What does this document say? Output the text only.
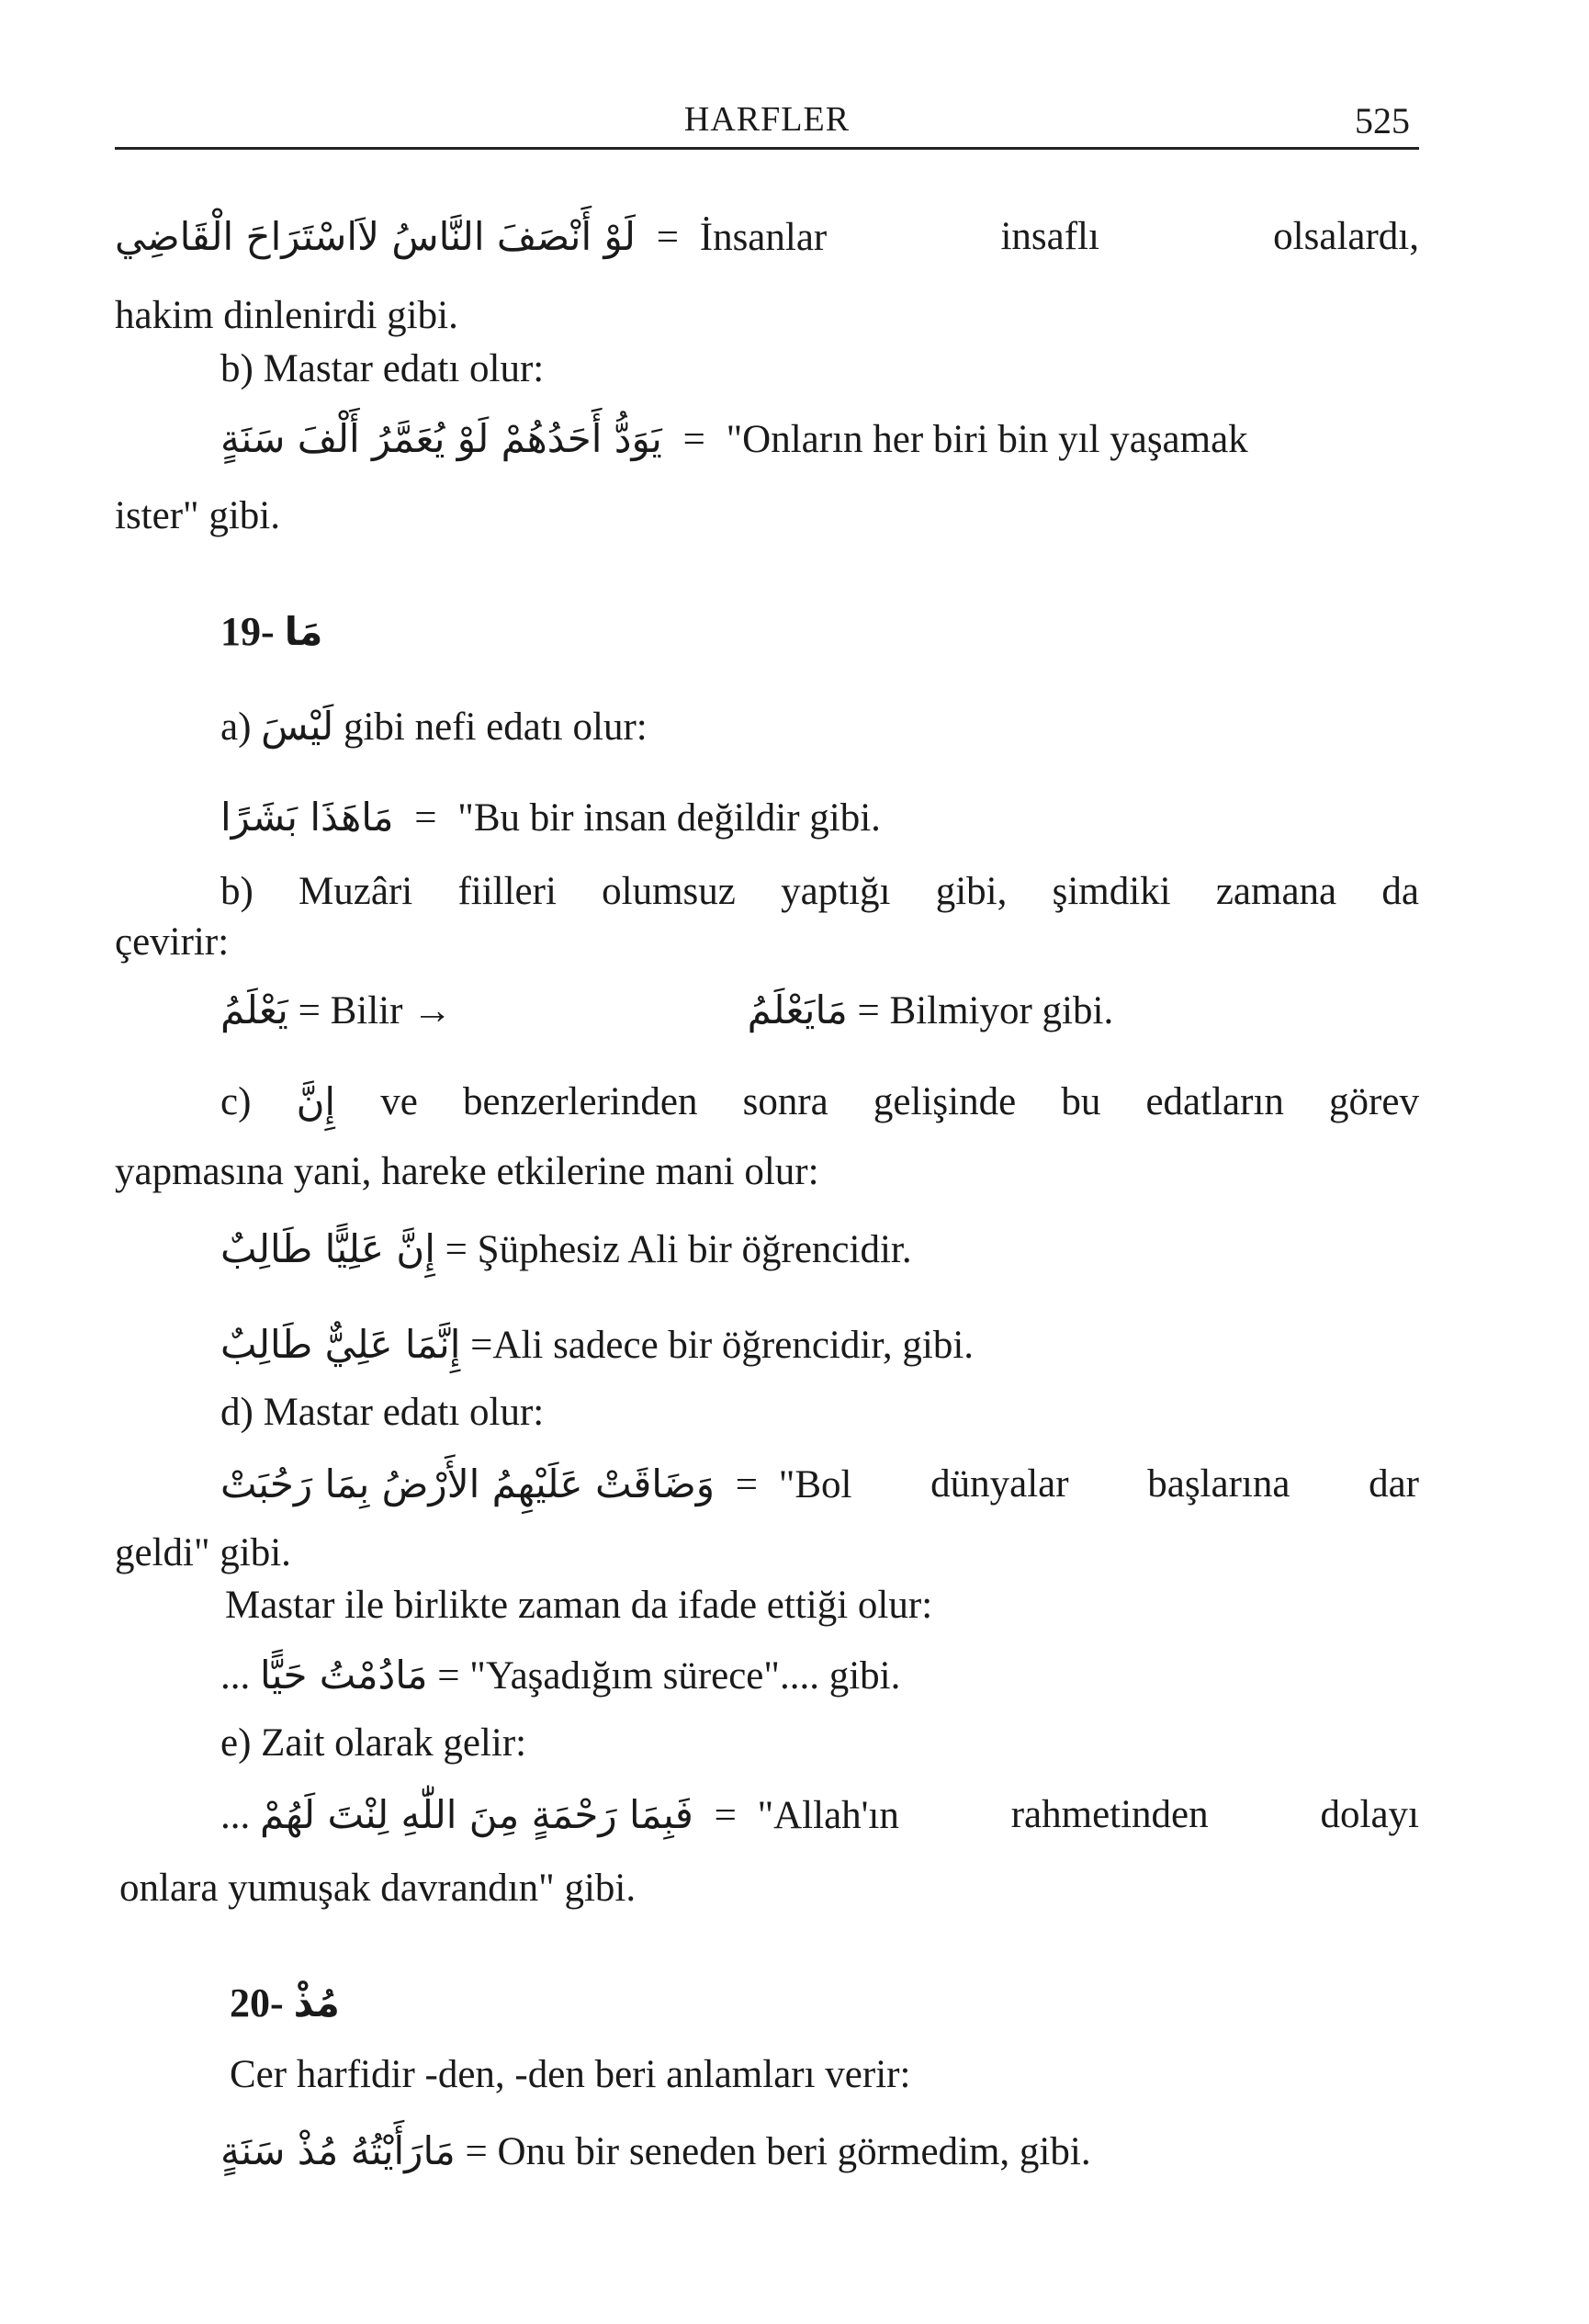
HARFLER	525
لَوْ أَنْصَفَ النَّاسُ لاَاسْتَرَاحَ الْقَاضِي = İnsanlar	insaflı	olsalardı,
hakim dinlenirdi gibi.
b) Mastar edatı olur:
يَوَدُّ أَحَدُهُمْ لَوْ يُعَمَّرُ أَلْفَ سَنَةٍ = "Onların her biri bin yıl yaşamak
ister" gibi.
19- مَا
a) لَيْسَ gibi nefi edatı olur:
مَاهَذَا بَشَرًا = "Bu bir insan değildir gibi.
b) Muzâri fiilleri olumsuz yaptığı gibi, şimdiki zamana da
çevirir:
يَعْلَمُ = Bilir →	مَايَعْلَمُ = Bilmiyor gibi.
c) إِنَّ ve benzerlerinden sonra gelişinde bu edatların görev
yapmasına yani, hareke etkilerine mani olur:
إِنَّ عَلِيًّا طَالِبٌ = Şüphesiz Ali bir öğrencidir.
إِنَّمَا عَلِيٌّ طَالِبٌ =Ali sadece bir öğrencidir, gibi.
d) Mastar edatı olur:
وَضَاقَتْ عَلَيْهِمُ الأَرْضُ بِمَا رَحُبَتْ = "Bol dünyalar başlarına dar
geldi" gibi.
Mastar ile birlikte zaman da ifade ettiği olur:
... مَادُمْتُ حَيًّا = "Yaşadığım sürece".... gibi.
e) Zait olarak gelir:
... فَبِمَا رَحْمَةٍ مِنَ اللّٰهِ لِنْتَ لَهُمْ = "Allah'ın	rahmetinden	dolayı
onlara yumuşak davrandın" gibi.
20- مُذْ
Cer harfidir -den, -den beri anlamları verir:
مَارَأَيْتُهُ مُذْ سَنَةٍ = Onu bir seneden beri görmedim, gibi.
